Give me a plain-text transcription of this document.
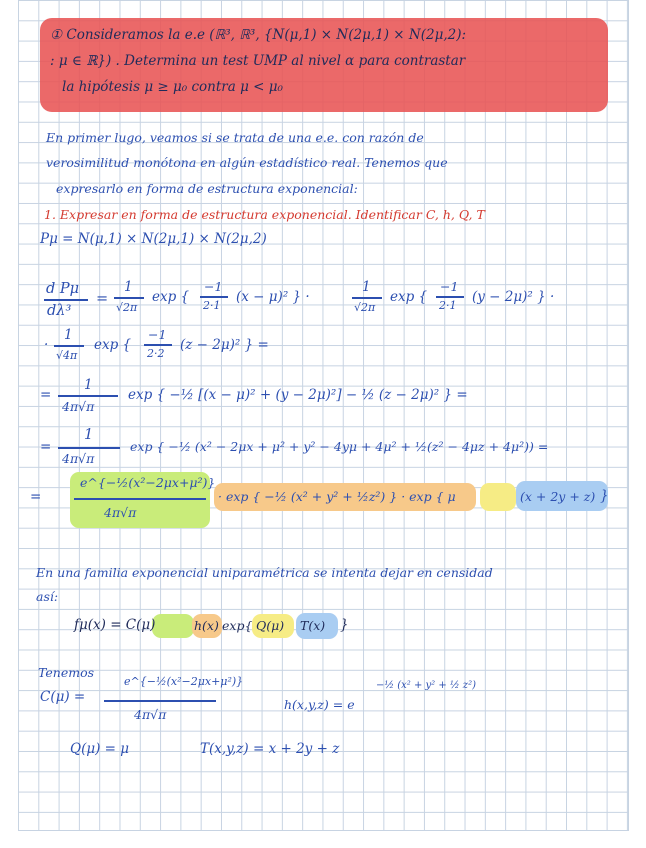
① Consideramos la e.e (ℝ³, ℝ³, {N(μ,1) × N(2μ,1) × N(2μ,2):
: μ ∈ ℝ}) . Determina un test UMP al nivel α para contrastar
la hipótesis μ ≥ μ₀ contra μ < μ₀
En primer lugo, veamos si se trata de una e.e. con razón de
verosimilitud monótona en algún estadístico real. Tenemos que
expresarlo en forma de estructura exponencial:
1. Expresar en forma de estructura exponencial. Identificar C, h, Q, T
Pμ = N(μ,1) × N(2μ,1) × N(2μ,2)
d Pμ
dλ³
=
1
√2π
exp {
−1
2·1
(x − μ)² } ·
1
√2π
exp {
−1
2·1
(y − 2μ)² } ·
·
1
√4π
exp {
−1
2·2
(z − 2μ)² } =
=
1
4π√π
exp { −½ [(x − μ)² + (y − 2μ)²] − ½ (z − 2μ)² } =
=
1
4π√π
exp { −½ (x² − 2μx + μ² + y² − 4yμ + 4μ² + ½(z² − 4μz + 4μ²)) =
=
e^{−½(x²−2μx+μ²)}
4π√π
· exp { −½ (x² + y² + ½z²) } · exp { μ	(x + 2y + z) }
En una familia exponencial uniparamétrica se intenta dejar en censidad
así:
fμ(x) = C(μ)	h(x) exp{ Q(μ) T(x) }
Tenemos
C(μ) =
e^{−½(x²−2μx+μ²)}
4π√π
h(x,y,z) = e
−½ (x² + y² + ½ z²)
Q(μ) = μ	T(x,y,z) = x + 2y + z
